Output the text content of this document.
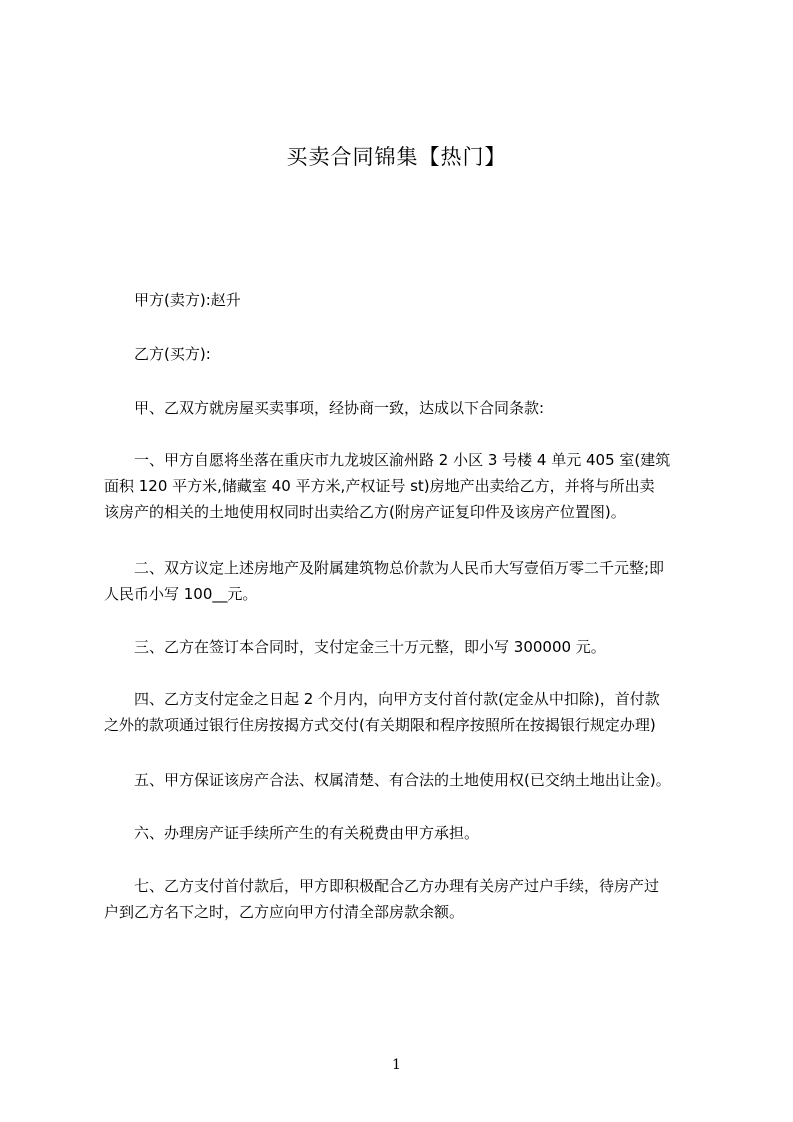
买卖合同锦集【热门】
　　甲方(卖方):赵升
　　乙方(买方):
　　甲、乙双方就房屋买卖事项，经协商一致，达成以下合同条款:
　　一、甲方自愿将坐落在重庆市九龙坡区渝州路 2 小区 3 号楼 4 单元 405 室(建筑
面积 120 平方米,储藏室 40 平方米,产权证号 st)房地产出卖给乙方，并将与所出卖
该房产的相关的土地使用权同时出卖给乙方(附房产证复印件及该房产位置图)。
　　二、双方议定上述房地产及附属建筑物总价款为人民币大写壹佰万零二千元整;即
人民币小写 100__元。
　　三、乙方在签订本合同时，支付定金三十万元整，即小写 300000 元。
　　四、乙方支付定金之日起 2 个月内，向甲方支付首付款(定金从中扣除)，首付款
之外的款项通过银行住房按揭方式交付(有关期限和程序按照所在按揭银行规定办理)
　　五、甲方保证该房产合法、权属清楚、有合法的土地使用权(已交纳土地出让金)。
　　六、办理房产证手续所产生的有关税费由甲方承担。
　　七、乙方支付首付款后，甲方即积极配合乙方办理有关房产过户手续，待房产过
户到乙方名下之时，乙方应向甲方付清全部房款余额。
1
